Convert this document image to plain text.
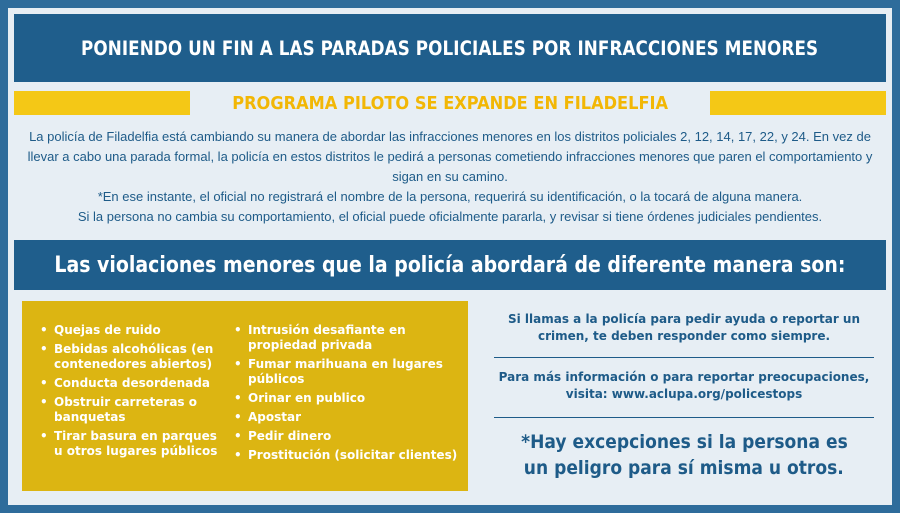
PONIENDO UN FIN A LAS PARADAS POLICIALES POR INFRACCIONES MENORES
PROGRAMA PILOTO SE EXPANDE EN FILADELFIA

La policía de Filadelfia está cambiando su manera de abordar las infracciones menores en los distritos policiales 2, 12, 14, 17, 22, y 24. En vez de llevar a cabo una parada formal, la policía en estos distritos le pedirá a personas cometiendo infracciones menores que paren el comportamiento y sigan en su camino.

*En ese instante, el oficial no registrará el nombre de la persona, requerirá su identificación, o la tocará de alguna manera.

Si la persona no cambia su comportamiento, el oficial puede oficialmente pararla, y revisar si tiene órdenes judiciales pendientes.

Las violaciones menores que la policía abordará de diferente manera son:
• Quejas de ruido
• Bebidas alcohólicas (en contenedores abiertos)
• Conducta desordenada
• Obstruir carreteras o banquetas
• Tirar basura en parques u otros lugares públicos
• Intrusión desafiante en propiedad privada
• Fumar marihuana en lugares públicos
• Orinar en publico
• Apostar
• Pedir dinero
• Prostitución (solicitar clientes)

Si llamas a la policía para pedir ayuda o reportar un crimen, te deben responder como siempre.

Para más información o para reportar preocupaciones, visita: www.aclupa.org/policestops

*Hay excepciones si la persona es
un peligro para sí misma u otros.
